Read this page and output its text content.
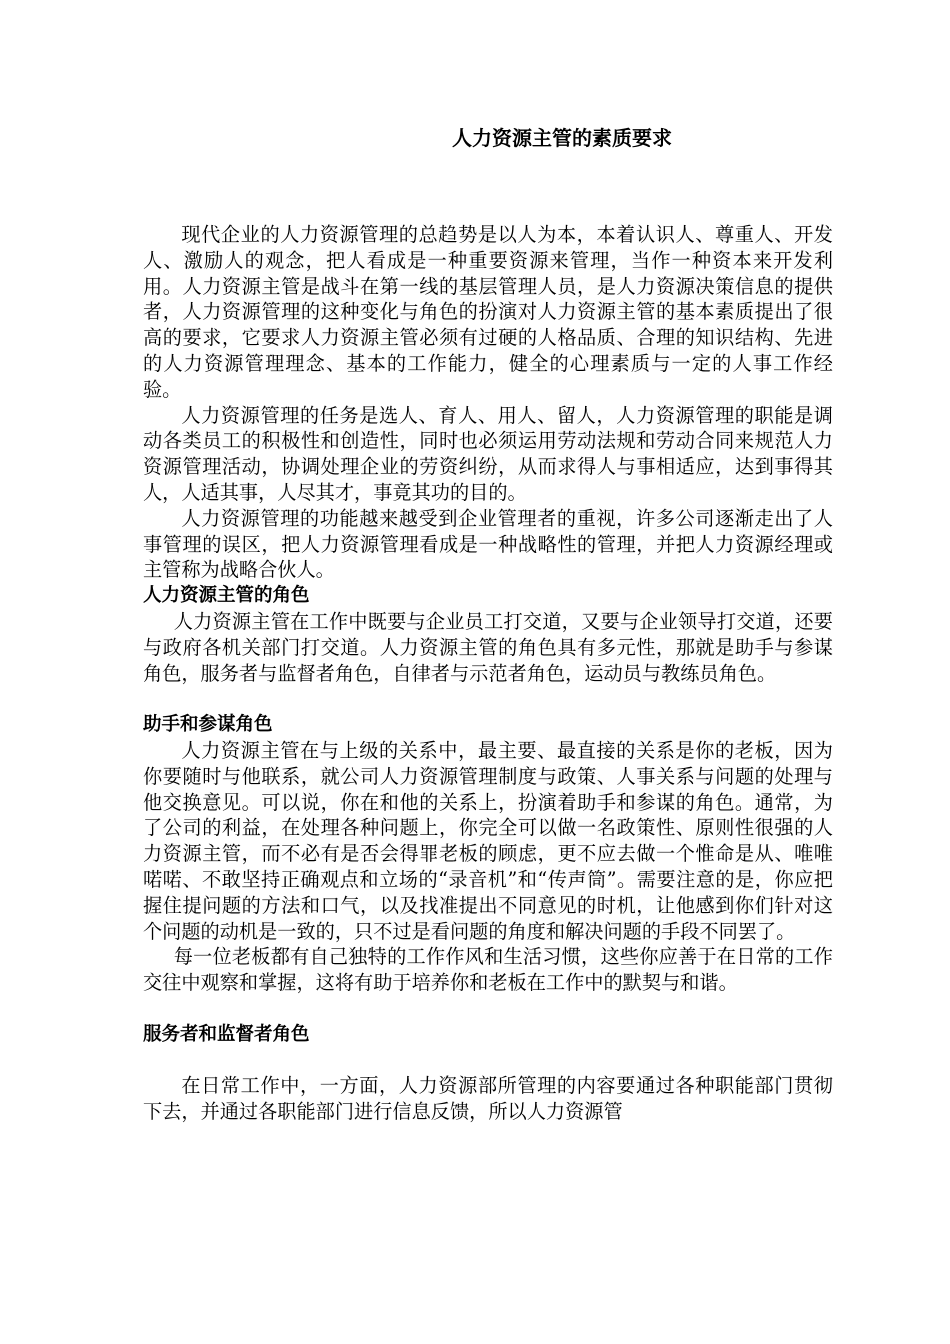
人力资源主管的素质要求

现代企业的人力资源管理的总趋势是以人为本，本着认识人、尊重人、开发人、激励人的观念，把人看成是一种重要资源来管理，当作一种资本来开发利用。人力资源主管是战斗在第一线的基层管理人员，是人力资源决策信息的提供者，人力资源管理的这种变化与角色的扮演对人力资源主管的基本素质提出了很高的要求，它要求人力资源主管必须有过硬的人格品质、合理的知识结构、先进的人力资源管理理念、基本的工作能力，健全的心理素质与一定的人事工作经验。

人力资源管理的任务是选人、育人、用人、留人，人力资源管理的职能是调动各类员工的积极性和创造性，同时也必须运用劳动法规和劳动合同来规范人力资源管理活动，协调处理企业的劳资纠纷，从而求得人与事相适应，达到事得其人，人适其事，人尽其才，事竟其功的目的。

人力资源管理的功能越来越受到企业管理者的重视，许多公司逐渐走出了人事管理的误区，把人力资源管理看成是一种战略性的管理，并把人力资源经理或主管称为战略合伙人。

人力资源主管的角色

人力资源主管在工作中既要与企业员工打交道，又要与企业领导打交道，还要与政府各机关部门打交道。人力资源主管的角色具有多元性，那就是助手与参谋角色，服务者与监督者角色，自律者与示范者角色，运动员与教练员角色。

助手和参谋角色

人力资源主管在与上级的关系中，最主要、最直接的关系是你的老板，因为你要随时与他联系，就公司人力资源管理制度与政策、人事关系与问题的处理与他交换意见。可以说，你在和他的关系上，扮演着助手和参谋的角色。通常，为了公司的利益，在处理各种问题上，你完全可以做一名政策性、原则性很强的人力资源主管，而不必有是否会得罪老板的顾虑，更不应去做一个惟命是从、唯唯喏喏、不敢坚持正确观点和立场的“录音机”和“传声筒”。需要注意的是，你应把握住提问题的方法和口气，以及找准提出不同意见的时机，让他感到你们针对这个问题的动机是一致的，只不过是看问题的角度和解决问题的手段不同罢了。

每一位老板都有自己独特的工作作风和生活习惯，这些你应善于在日常的工作交往中观察和掌握，这将有助于培养你和老板在工作中的默契与和谐。

服务者和监督者角色

在日常工作中，一方面，人力资源部所管理的内容要通过各种职能部门贯彻下去，并通过各职能部门进行信息反馈，所以人力资源管
